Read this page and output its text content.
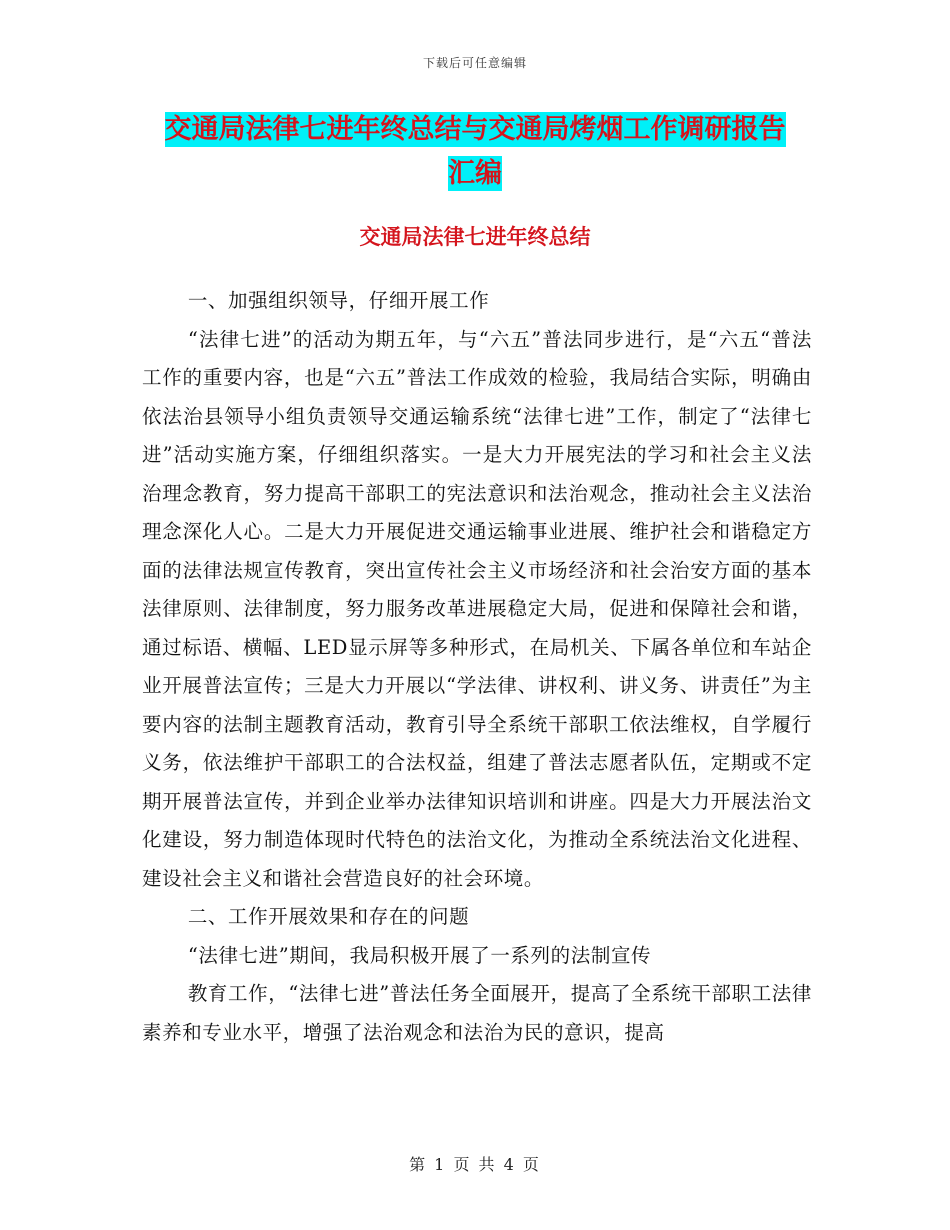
下载后可任意编辑
交通局法律七进年终总结与交通局烤烟工作调研报告
汇编
交通局法律七进年终总结

一、加强组织领导，仔细开展工作

“法律七进”的活动为期五年，与“六五”普法同步进行，是“六五“普法工作的重要内容，也是“六五”普法工作成效的检验，我局结合实际，明确由依法治县领导小组负责领导交通运输系统“法律七进”工作，制定了“法律七进”活动实施方案，仔细组织落实。一是大力开展宪法的学习和社会主义法治理念教育，努力提高干部职工的宪法意识和法治观念，推动社会主义法治理念深化人心。二是大力开展促进交通运输事业进展、维护社会和谐稳定方面的法律法规宣传教育，突出宣传社会主义市场经济和社会治安方面的基本法律原则、法律制度，努力服务改革进展稳定大局，促进和保障社会和谐，通过标语、横幅、LED显示屏等多种形式，在局机关、下属各单位和车站企业开展普法宣传；三是大力开展以“学法律、讲权利、讲义务、讲责任”为主要内容的法制主题教育活动，教育引导全系统干部职工依法维权，自学履行义务，依法维护干部职工的合法权益，组建了普法志愿者队伍，定期或不定期开展普法宣传，并到企业举办法律知识培训和讲座。四是大力开展法治文化建设，努力制造体现时代特色的法治文化，为推动全系统法治文化进程、建设社会主义和谐社会营造良好的社会环境。

二、工作开展效果和存在的问题

“法律七进”期间，我局积极开展了一系列的法制宣传

教育工作，“法律七进”普法任务全面展开，提高了全系统干部职工法律素养和专业水平，增强了法治观念和法治为民的意识，提高

第 1 页 共 4 页
